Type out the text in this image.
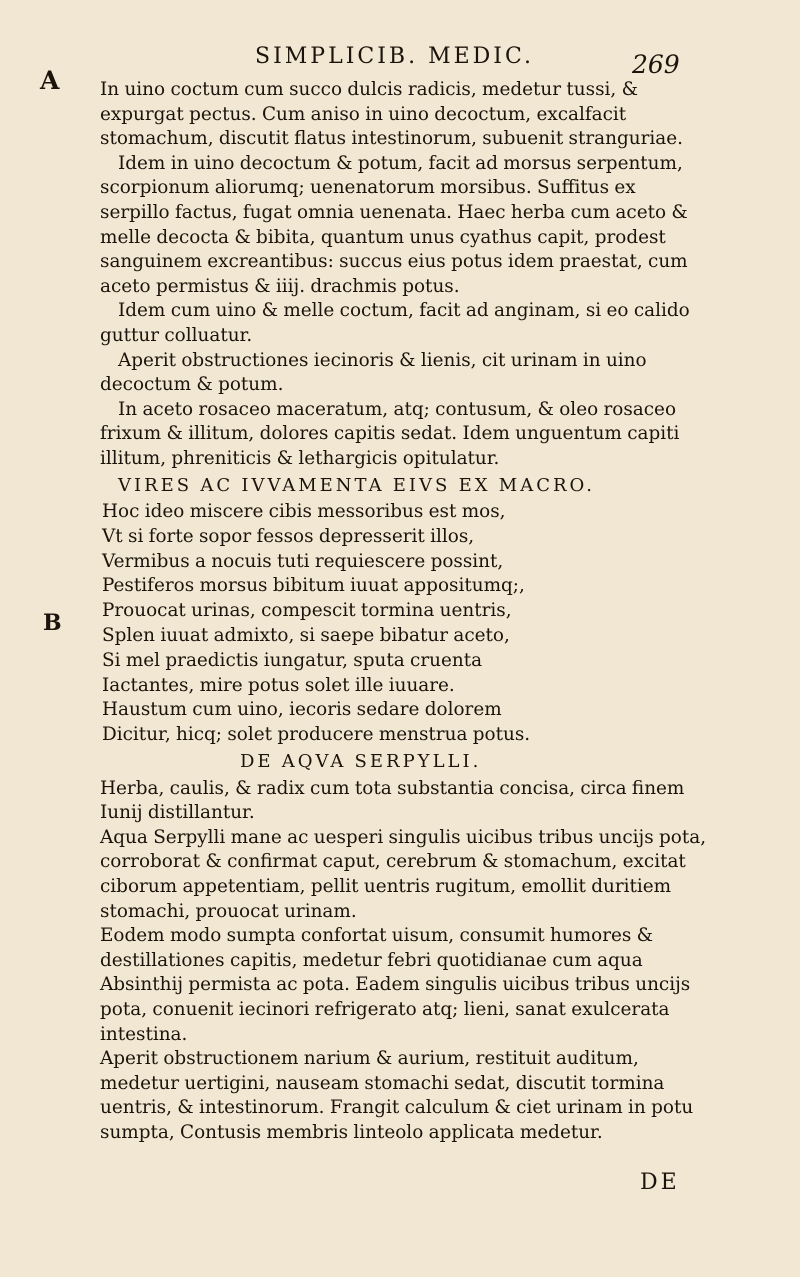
A
SIMPLICIB. MEDIC.	269

In uino coctum cum succo dulcis radicis, medetur tussi, & expurgat pectus. Cum aniso in uino decoctum, excalfacit stomachum, discutit flatus intestinorum, subuenit stranguriae.

Idem in uino decoctum & potum, facit ad morsus serpentum, scorpionum aliorumq; uenenatorum morsibus. Suffitus ex serpillo factus, fugat omnia uenenata. Haec herba cum aceto & melle decocta & bibita, quantum unus cyathus capit, prodest sanguinem excreantibus: succus eius potus idem praestat, cum aceto permistus & iiij. drachmis potus.

Idem cum uino & melle coctum, facit ad anginam, si eo calido guttur colluatur.

Aperit obstructiones iecinoris & lienis, cit urinam in uino decoctum & potum.

In aceto rosaceo maceratum, atq; contusum, & oleo rosaceo frixum & illitum, dolores capitis sedat. Idem unguentum capiti illitum, phreniticis & lethargicis opitulatur.

VIRES AC IVVAMENTA EIVS EX MACRO.
Hoc ideo miscere cibis messoribus est mos,
Vt si forte sopor fessos depresserit illos,
Vermibus a nocuis tuti requiescere possint,
Pestiferos morsus bibitum iuuat appositumq;,
Prouocat urinas, compescit tormina uentris,
Splen iuuat admixto, si saepe bibatur aceto,
Si mel praedictis iungatur, sputa cruenta
Iactantes, mire potus solet ille iuuare.
Haustum cum uino, iecoris sedare dolorem
Dicitur, hicq; solet producere menstrua potus.
DE AQVA SERPYLLI.

Herba, caulis, & radix cum tota substantia concisa, circa finem Iunij distillantur.

Aqua Serpylli mane ac uesperi singulis uicibus tribus uncijs pota, corroborat & confirmat caput, cerebrum & stomachum, excitat ciborum appetentiam, pellit uentris rugitum, emollit duritiem stomachi, prouocat urinam.

Eodem modo sumpta confortat uisum, consumit humores & destillationes capitis, medetur febri quotidianae cum aqua Absinthij permista ac pota. Eadem singulis uicibus tribus uncijs pota, conuenit iecinori refrigerato atq; lieni, sanat exulcerata intestina.

Aperit obstructionem narium & aurium, restituit auditum, medetur uertigini, nauseam stomachi sedat, discutit tormina uentris, & intestinorum. Frangit calculum & ciet urinam in potu sumpta, Contusis membris linteolo applicata medetur.

B
DE
